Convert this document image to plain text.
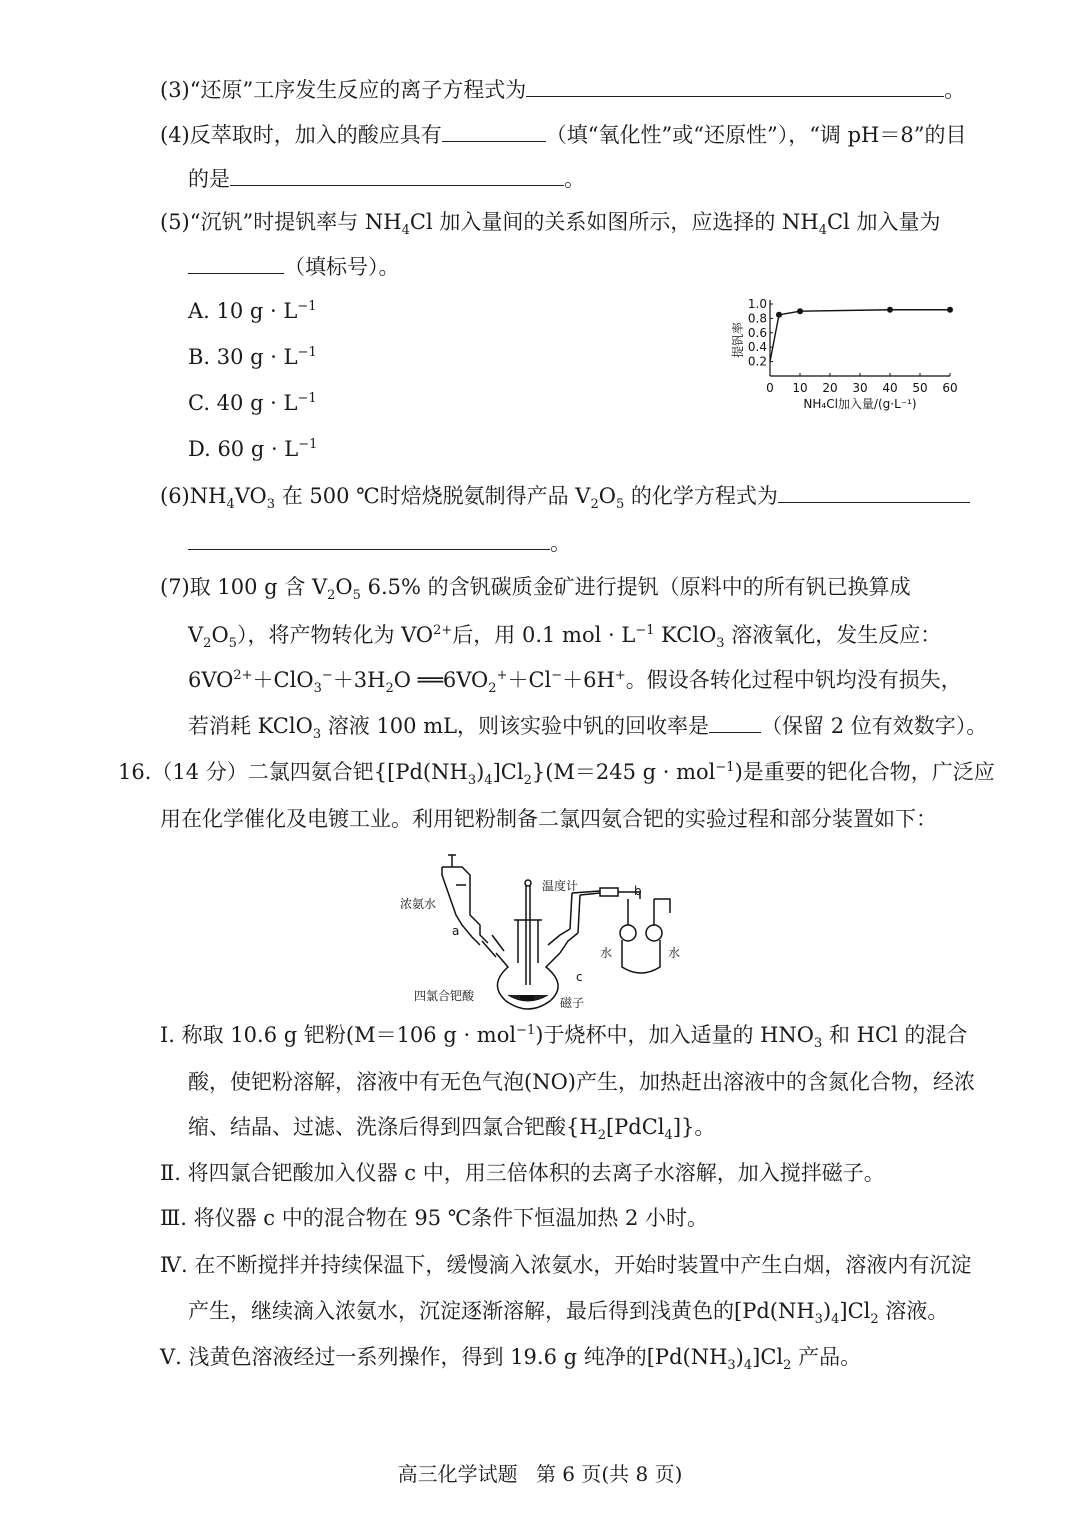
(3)“还原”工序发生反应的离子方程式为	。
(4)反萃取时，加入的酸应具有	（填“氧化性”或“还原性”），“调 pH＝8”的目
的是	。
(5)“沉钒”时提钒率与 $NH_4Cl$ 加入量间的关系如图所示，应选择的 $NH_4Cl$ 加入量为
（填标号）。
A. 10 $g \cdot L^{-1}$
B. 30 $g \cdot L^{-1}$
C. 40 $g \cdot L^{-1}$
D. 60 $g \cdot L^{-1}$
0.2
0.4
0.6
0.8
1.0
0 10 20 30 40 50 60
提钒率
NH₄Cl加入量/(g·L⁻¹)
$(6)NH_4VO_3$ 在 500 ℃时焙烧脱氨制得产品 $V_2O_5$ 的化学方程式为
。
(7)取 100 g 含 $V_2O_5$ 6.5% 的含钒碳质金矿进行提钒（原料中的所有钒已换算成
$V_2O_5$），将产物转化为 $VO^{2+}$后，用 0.1 mol · $L^{-1}$ KClO$_3$ 溶液氧化，发生反应：
$6VO^{2+}+ClO_3^-+3H_2O$ $══6VO_2^++Cl^-+6H^+$。假设各转化过程中钒均没有损失，
若消耗 KClO$_3$ 溶液 100 mL，则该实验中钒的回收率是 （保留 2 位有效数字）。
16.（14 分）二氯四氨合钯$\{[Pd(NH_3)_4]Cl_2\}(M=245$ g · mol$^{-1}$)是重要的钯化合物，广泛应
用在化学催化及电镀工业。利用钯粉制备二氯四氨合钯的实验过程和部分装置如下：
浓氨水
a
温度计	b
水	水
c
四氯合钯酸	磁子
Ⅰ. 称取 10.6 g 钯粉(M＝106 g · mol$^{-1}$)于烧杯中，加入适量的 $HNO_3$ 和 HCl 的混合
酸，使钯粉溶解，溶液中有无色气泡(NO)产生，加热赶出溶液中的含氮化合物，经浓
缩、结晶、过滤、洗涤后得到四氯合钯酸$\{H_2[PdCl_4]\}$。
Ⅱ. 将四氯合钯酸加入仪器 c 中，用三倍体积的去离子水溶解，加入搅拌磁子。
Ⅲ. 将仪器 c 中的混合物在 95 ℃条件下恒温加热 2 小时。
Ⅳ. 在不断搅拌并持续保温下，缓慢滴入浓氨水，开始时装置中产生白烟，溶液内有沉淀
产生，继续滴入浓氨水，沉淀逐渐溶解，最后得到浅黄色的$[Pd(NH_3)_4]Cl_2$ 溶液。
Ⅴ. 浅黄色溶液经过一系列操作，得到 19.6 g 纯净的$[Pd(NH_3)_4]Cl_2$ 产品。
高三化学试题 第 6 页(共 8 页)
